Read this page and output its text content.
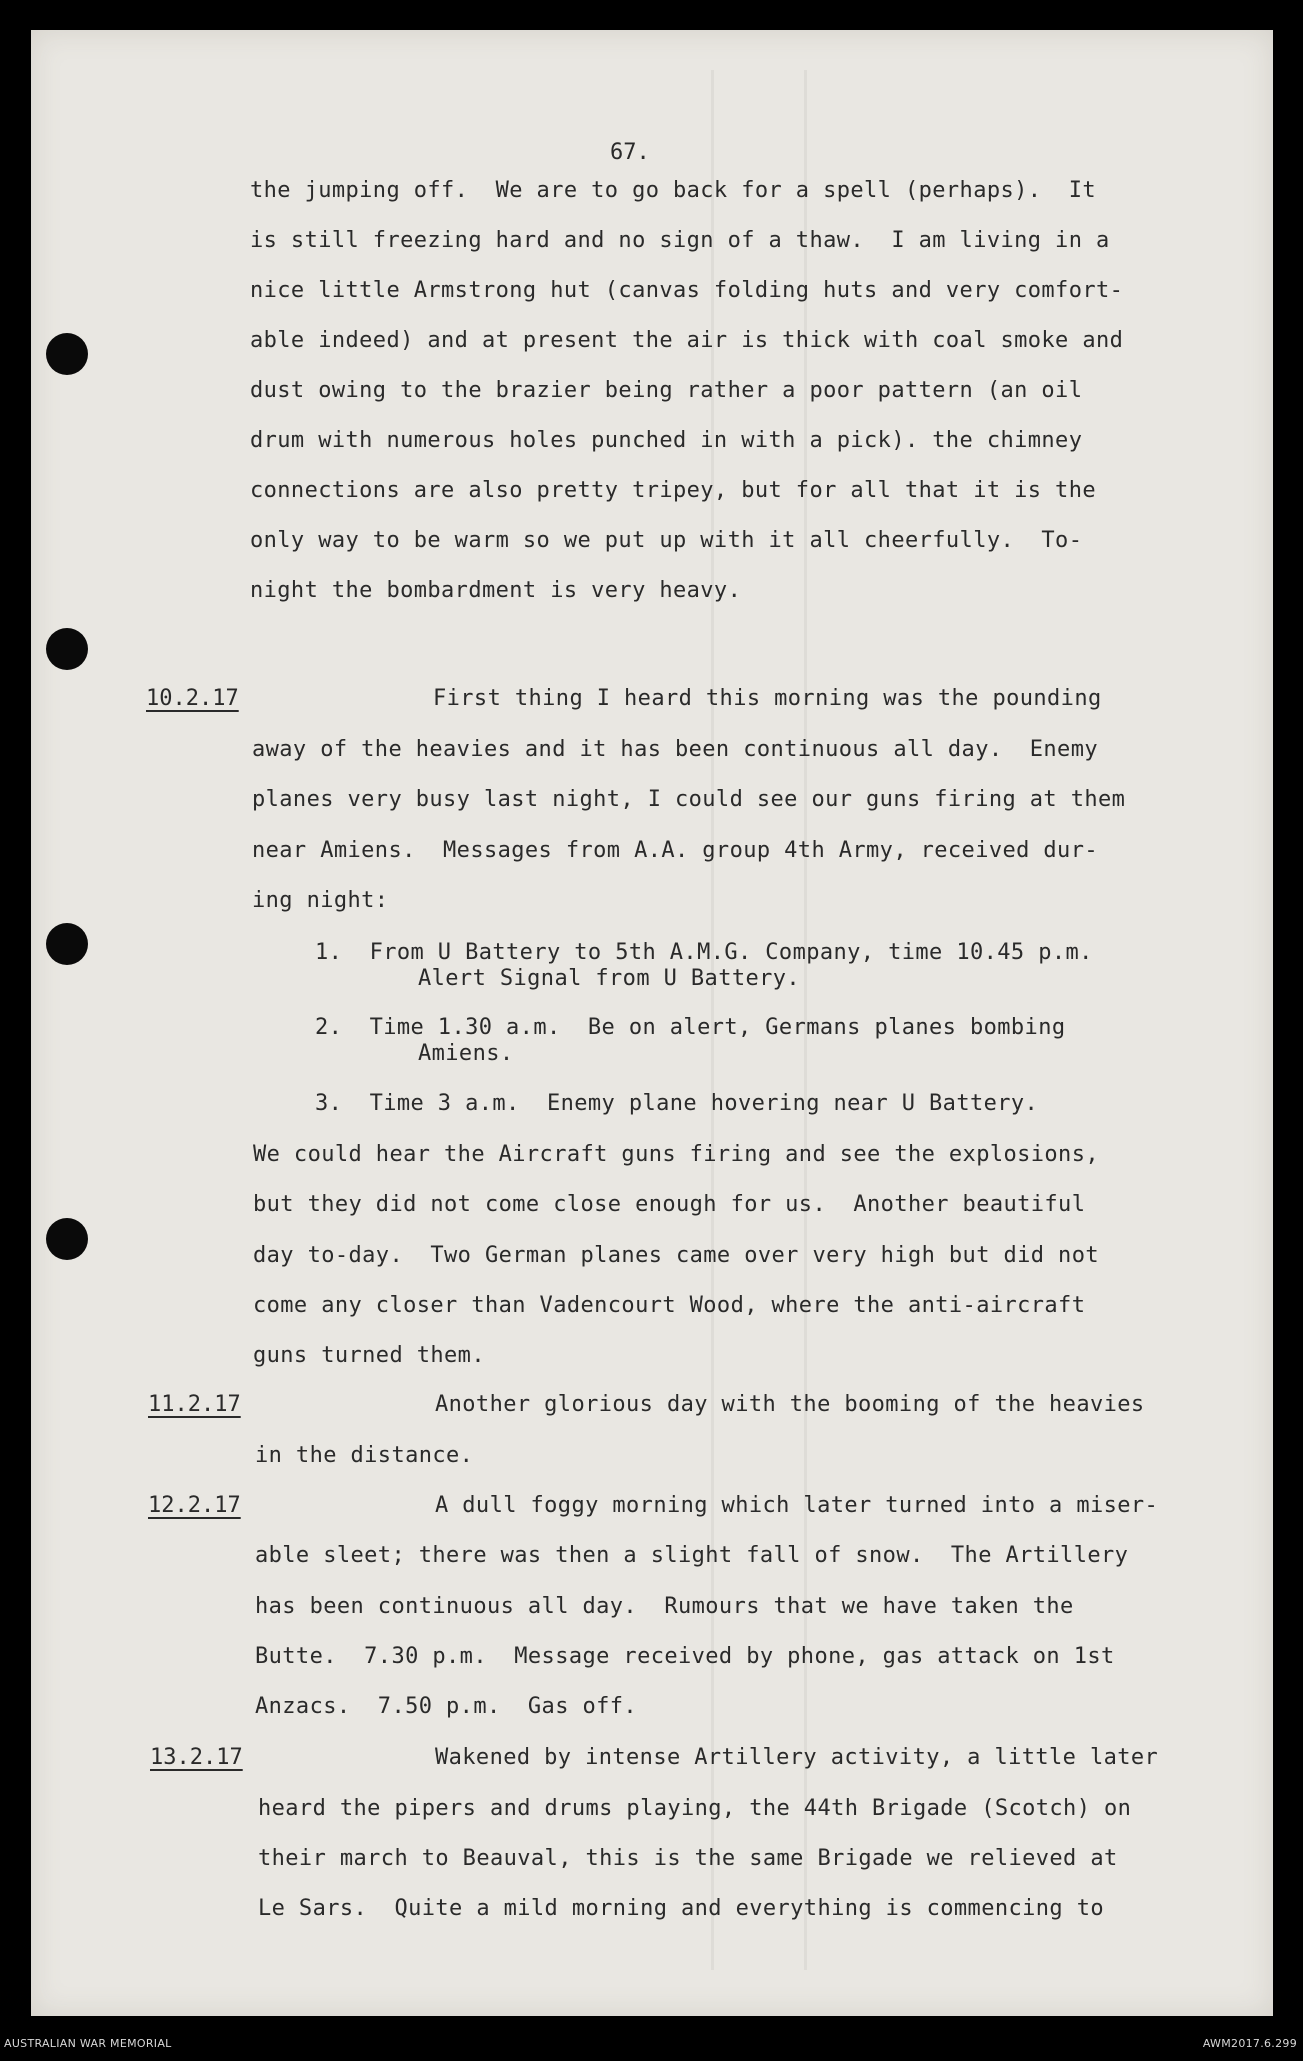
67.
the jumping off.  We are to go back for a spell (perhaps).  It
is still freezing hard and no sign of a thaw.  I am living in a
nice little Armstrong hut (canvas folding huts and very comfort-
able indeed) and at present the air is thick with coal smoke and
dust owing to the brazier being rather a poor pattern (an oil
drum with numerous holes punched in with a pick). the chimney
connections are also pretty tripey, but for all that it is the
only way to be warm so we put up with it all cheerfully.  To-
night the bombardment is very heavy.
10.2.17	First thing I heard this morning was the pounding
away of the heavies and it has been continuous all day.  Enemy
planes very busy last night, I could see our guns firing at them
near Amiens.  Messages from A.A. group 4th Army, received dur-
ing night:
1.  From U Battery to 5th A.M.G. Company, time 10.45 p.m.
Alert Signal from U Battery.
2.  Time 1.30 a.m.  Be on alert, Germans planes bombing
Amiens.
3.  Time 3 a.m.  Enemy plane hovering near U Battery.
We could hear the Aircraft guns firing and see the explosions,
but they did not come close enough for us.  Another beautiful
day to-day.  Two German planes came over very high but did not
come any closer than Vadencourt Wood, where the anti-aircraft
guns turned them.
11.2.17	Another glorious day with the booming of the heavies
in the distance.
12.2.17	A dull foggy morning which later turned into a miser-
able sleet; there was then a slight fall of snow.  The Artillery
has been continuous all day.  Rumours that we have taken the
Butte.  7.30 p.m.  Message received by phone, gas attack on 1st
Anzacs.  7.50 p.m.  Gas off.
13.2.17	Wakened by intense Artillery activity, a little later
heard the pipers and drums playing, the 44th Brigade (Scotch) on
their march to Beauval, this is the same Brigade we relieved at
Le Sars.  Quite a mild morning and everything is commencing to
AUSTRALIAN WAR MEMORIAL	AWM2017.6.299
